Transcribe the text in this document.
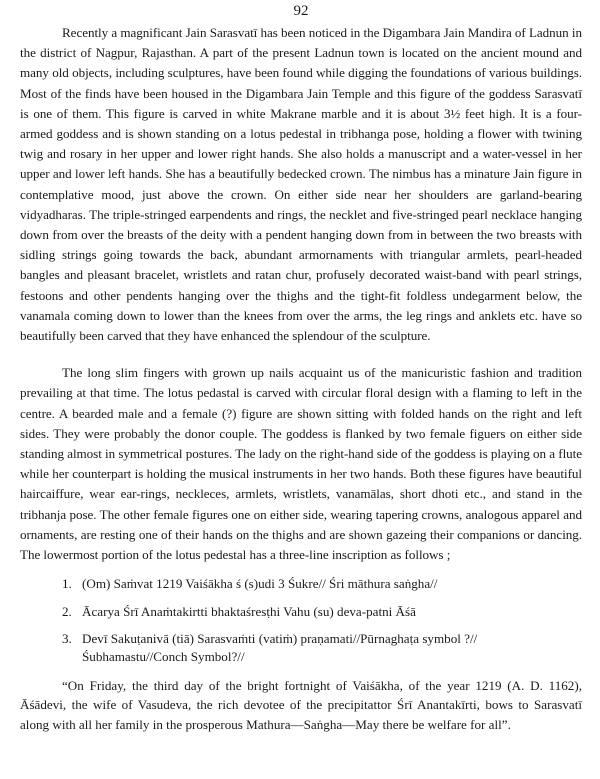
92

Recently a magnificant Jain Sarasvatī has been noticed in the Digambara Jain Mandira of Ladnun in the district of Nagpur, Rajasthan. A part of the present Ladnun town is located on the ancient mound and many old objects, including sculptures, have been found while digging the foundations of various buildings. Most of the finds have been housed in the Digambara Jain Temple and this figure of the goddess Sarasvatī is one of them. This figure is carved in white Makrane marble and it is about 3½ feet high. It is a four-armed goddess and is shown standing on a lotus pedestal in tribhanga pose, holding a flower with twining twig and rosary in her upper and lower right hands. She also holds a manuscript and a water-vessel in her upper and lower left hands. She has a beautifully bedecked crown. The nimbus has a minature Jain figure in contemplative mood, just above the crown. On either side near her shoulders are garland-bearing vidyadharas. The triple-stringed earpendents and rings, the necklet and five-stringed pearl necklace hanging down from over the breasts of the deity with a pendent hanging down from in between the two breasts with sidling strings going towards the back, abundant armornaments with triangular armlets, pearl-headed bangles and pleasant bracelet, wristlets and ratan chur, profusely decorated waist-band with pearl strings, festoons and other pendents hanging over the thighs and the tight-fit foldless undegarment below, the vanamala coming down to lower than the knees from over the arms, the leg rings and anklets etc. have so beautifully been carved that they have enhanced the splendour of the sculpture.

The long slim fingers with grown up nails acquaint us of the manicuristic fashion and tradition prevailing at that time. The lotus pedastal is carved with circular floral design with a flaming to left in the centre. A bearded male and a female (?) figure are shown sitting with folded hands on the right and left sides. They were probably the donor couple. The goddess is flanked by two female figuers on either side standing almost in symmetrical postures. The lady on the right-hand side of the goddess is playing on a flute while her counterpart is holding the musical instruments in her two hands. Both these figures have beautiful haircaiffure, wear ear-rings, neckleces, armlets, wristlets, vanamālas, short dhoti etc., and stand in the tribhanja pose. The other female figures one on either side, wearing tapering crowns, analogous apparel and ornaments, are resting one of their hands on the thighs and are shown gazeing their companions or dancing. The lowermost portion of the lotus pedestal has a three-line inscription as follows ;

1. (Om) Saṁvat 1219 Vaiśākha ś (s)udi 3 Śukre// Śri māthura saṅgha//
2. Ācarya Śrī Anaṁtakirtti bhaktaśresṭhi Vahu (su) deva-patni Āśā
3. Devī Sakuṭanivā (tiā) Sarasvaṁti (vatiṁ) praṇamati//Pūrnaghaṭa symbol ?// Śubhamastu//Conch Symbol?//

“On Friday, the third day of the bright fortnight of Vaiśākha, of the year 1219 (A. D. 1162), Āśādevi, the wife of Vasudeva, the rich devotee of the precipitattor Śrī Anantakīrti, bows to Sarasvatī along with all her family in the prosperous Mathura—Saṅgha—May there be welfare for all”.
